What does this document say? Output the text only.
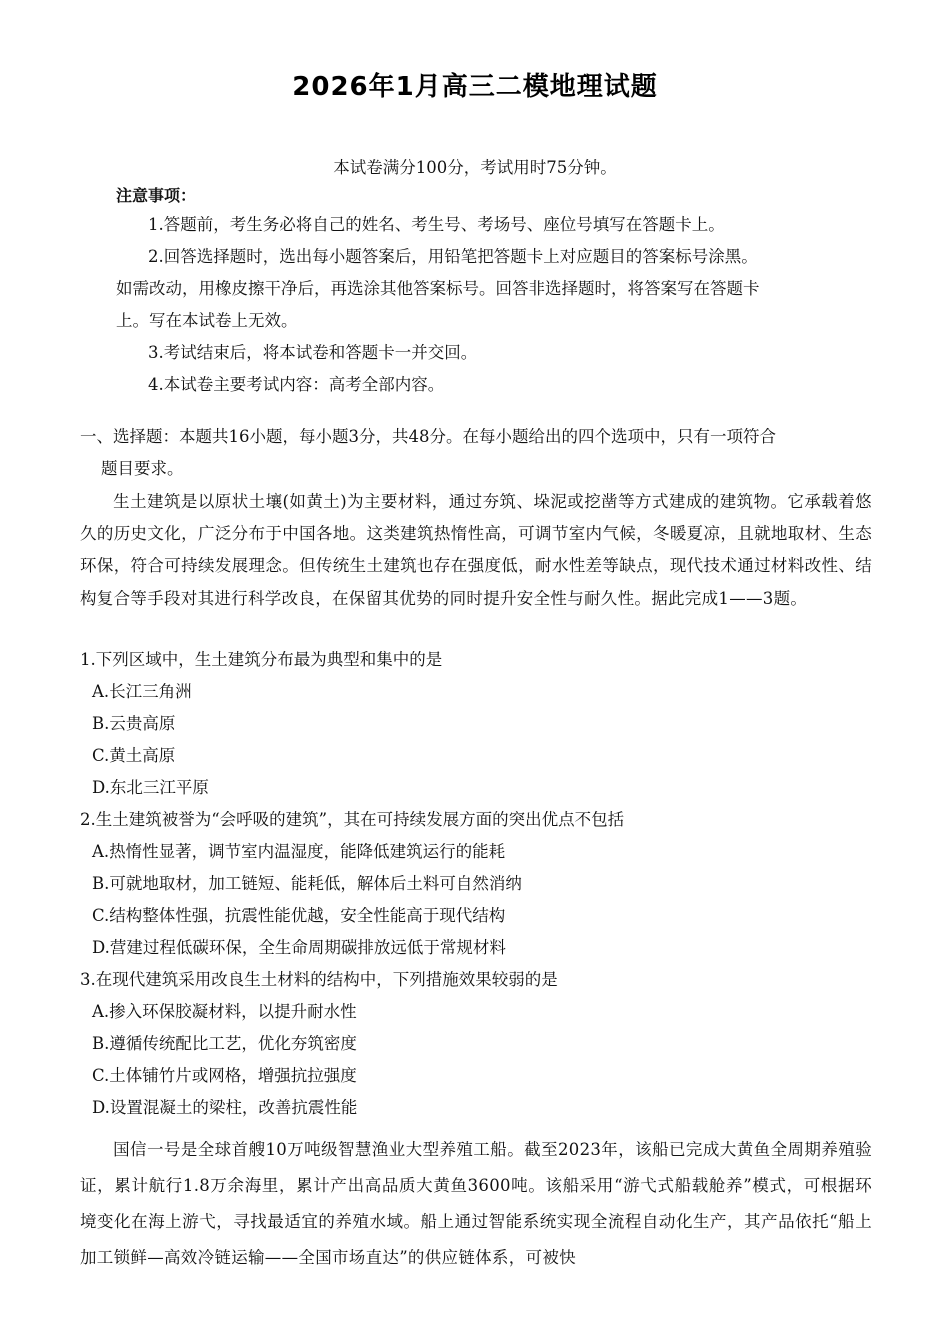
2026年1月高三二模地理试题
本试卷满分100分，考试用时75分钟。
注意事项：
1.答题前，考生务必将自己的姓名、考生号、考场号、座位号填写在答题卡上。
2.回答选择题时，选出每小题答案后，用铅笔把答题卡上对应题目的答案标号涂黑。
如需改动，用橡皮擦干净后，再选涂其他答案标号。回答非选择题时，将答案写在答题卡
上。写在本试卷上无效。
3.考试结束后，将本试卷和答题卡一并交回。
4.本试卷主要考试内容：高考全部内容。
一、选择题：本题共16小题，每小题3分，共48分。在每小题给出的四个选项中，只有一项符合
题目要求。
生土建筑是以原状土壤(如黄土)为主要材料，通过夯筑、垛泥或挖凿等方式建成的建筑物。它承载着悠久的历史文化，广泛分布于中国各地。这类建筑热惰性高，可调节室内气候，冬暖夏凉，且就地取材、生态环保，符合可持续发展理念。但传统生土建筑也存在强度低，耐水性差等缺点，现代技术通过材料改性、结构复合等手段对其进行科学改良，在保留其优势的同时提升安全性与耐久性。据此完成1——3题。
1.下列区域中，生土建筑分布最为典型和集中的是
A.长江三角洲
B.云贵高原
C.黄土高原
D.东北三江平原
2.生土建筑被誉为“会呼吸的建筑”，其在可持续发展方面的突出优点不包括
A.热惰性显著，调节室内温湿度，能降低建筑运行的能耗
B.可就地取材，加工链短、能耗低，解体后土料可自然消纳
C.结构整体性强，抗震性能优越，安全性能高于现代结构
D.营建过程低碳环保，全生命周期碳排放远低于常规材料
3.在现代建筑采用改良生土材料的结构中，下列措施效果较弱的是
A.掺入环保胶凝材料，以提升耐水性
B.遵循传统配比工艺，优化夯筑密度
C.土体铺竹片或网格，增强抗拉强度
D.设置混凝土的梁柱，改善抗震性能
国信一号是全球首艘10万吨级智慧渔业大型养殖工船。截至2023年，该船已完成大黄鱼全周期养殖验证，累计航行1.8万余海里，累计产出高品质大黄鱼3600吨。该船采用“游弋式船载舱养”模式，可根据环境变化在海上游弋，寻找最适宜的养殖水域。船上通过智能系统实现全流程自动化生产，其产品依托“船上加工锁鲜—高效冷链运输——全国市场直达”的供应链体系，可被快
